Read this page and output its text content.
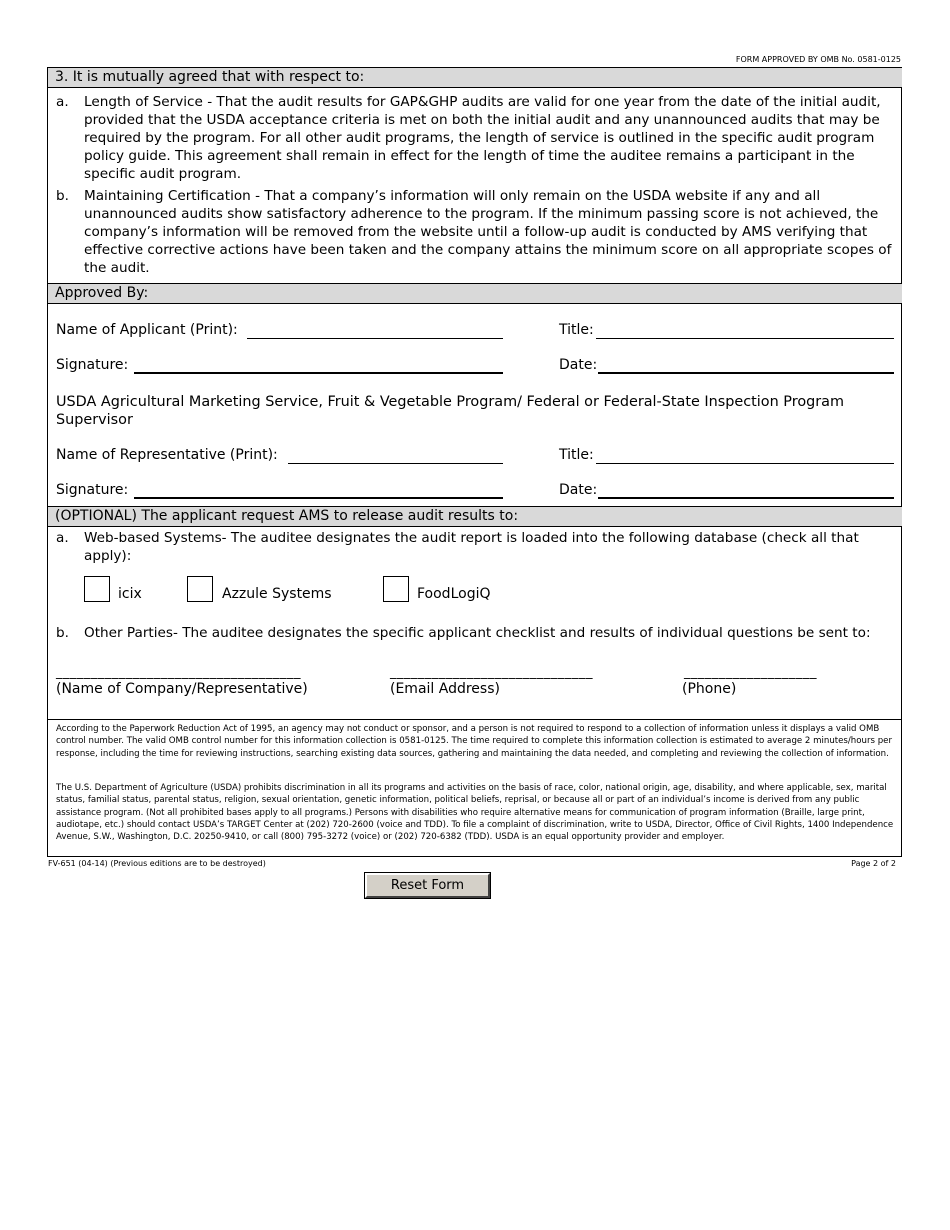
FORM APPROVED BY OMB No. 0581-0125
3. It is mutually agreed that with respect to:
a. Length of Service - That the audit results for GAP&GHP audits are valid for one year from the date of the initial audit, provided that the USDA acceptance criteria is met on both the initial audit and any unannounced audits that may be required by the program. For all other audit programs, the length of service is outlined in the specific audit program policy guide. This agreement shall remain in effect for the length of time the auditee remains a participant in the specific audit program.
b. Maintaining Certification - That a company’s information will only remain on the USDA website if any and all unannounced audits show satisfactory adherence to the program. If the minimum passing score is not achieved, the company’s information will be removed from the website until a follow-up audit is conducted by AMS verifying that effective corrective actions have been taken and the company attains the minimum score on all appropriate scopes of the audit.
Approved By:
Name of Applicant (Print):	Title:
Signature:	Date:
USDA Agricultural Marketing Service, Fruit & Vegetable Program/ Federal or Federal-State Inspection Program Supervisor
Name of Representative (Print):	Title:
Signature:	Date:
(OPTIONAL) The applicant request AMS to release audit results to:
a. Web-based Systems- The auditee designates the audit report is loaded into the following database (check all that apply):
icix	Azzule Systems	FoodLogiQ
b. Other Parties- The auditee designates the specific applicant checklist and results of individual questions be sent to:
___________________________________	_____________________________	___________________
(Name of Company/Representative)	(Email Address)	(Phone)
According to the Paperwork Reduction Act of 1995, an agency may not conduct or sponsor, and a person is not required to respond to a collection of information unless it displays a valid OMB control number. The valid OMB control number for this information collection is 0581-0125. The time required to complete this information collection is estimated to average 2 minutes/hours per response, including the time for reviewing instructions, searching existing data sources, gathering and maintaining the data needed, and completing and reviewing the collection of information.
The U.S. Department of Agriculture (USDA) prohibits discrimination in all its programs and activities on the basis of race, color, national origin, age, disability, and where applicable, sex, marital status, familial status, parental status, religion, sexual orientation, genetic information, political beliefs, reprisal, or because all or part of an individual’s income is derived from any public assistance program. (Not all prohibited bases apply to all programs.) Persons with disabilities who require alternative means for communication of program information (Braille, large print, audiotape, etc.) should contact USDA’s TARGET Center at (202) 720-2600 (voice and TDD). To file a complaint of discrimination, write to USDA, Director, Office of Civil Rights, 1400 Independence Avenue, S.W., Washington, D.C. 20250-9410, or call (800) 795-3272 (voice) or (202) 720-6382 (TDD). USDA is an equal opportunity provider and employer.
FV-651 (04-14) (Previous editions are to be destroyed)	Page 2 of 2
Reset Form
